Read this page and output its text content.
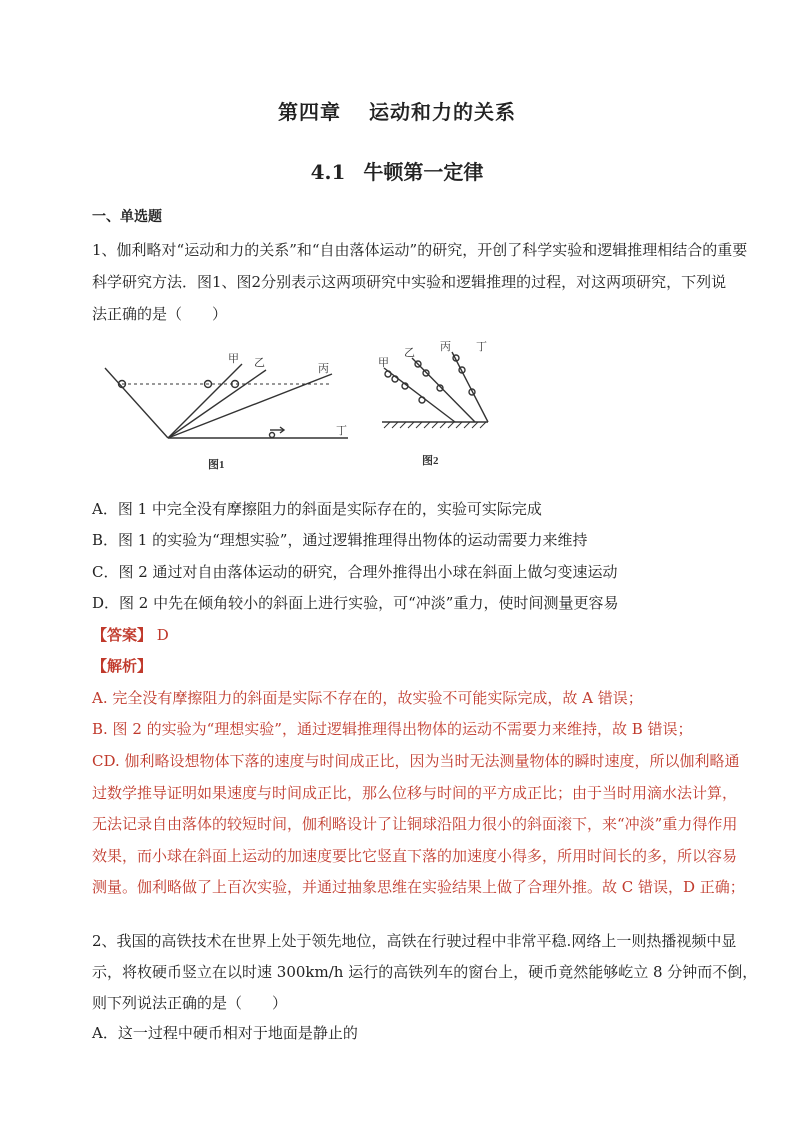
第四章 运动和力的关系
4.1 牛顿第一定律
一、单选题
1、伽利略对“运动和力的关系”和“自由落体运动”的研究，开创了科学实验和逻辑推理相结合的重要
科学研究方法．图1、图2分别表示这两项研究中实验和逻辑推理的过程，对这两项研究，下列说
法正确的是（　　）
甲 乙	丙
丁
图1
甲
乙 丙 丁
图2
A．图 1 中完全没有摩擦阻力的斜面是实际存在的，实验可实际完成
B．图 1 的实验为“理想实验”，通过逻辑推理得出物体的运动需要力来维持
C．图 2 通过对自由落体运动的研究，合理外推得出小球在斜面上做匀变速运动
D．图 2 中先在倾角较小的斜面上进行实验，可“冲淡”重力，使时间测量更容易
【答案】 D
【解析】
A. 完全没有摩擦阻力的斜面是实际不存在的，故实验不可能实际完成，故 A 错误；
B. 图 2 的实验为“理想实验”，通过逻辑推理得出物体的运动不需要力来维持，故 B 错误；
CD. 伽利略设想物体下落的速度与时间成正比，因为当时无法测量物体的瞬时速度，所以伽利略通
过数学推导证明如果速度与时间成正比，那么位移与时间的平方成正比；由于当时用滴水法计算，
无法记录自由落体的较短时间，伽利略设计了让铜球沿阻力很小的斜面滚下，来“冲淡”重力得作用
效果，而小球在斜面上运动的加速度要比它竖直下落的加速度小得多，所用时间长的多，所以容易
测量。伽利略做了上百次实验，并通过抽象思维在实验结果上做了合理外推。故 C 错误，D 正确；
2、我国的高铁技术在世界上处于领先地位，高铁在行驶过程中非常平稳.网络上一则热播视频中显
示，将枚硬币竖立在以时速 300km/h 运行的高铁列车的窗台上，硬币竟然能够屹立 8 分钟而不倒，
则下列说法正确的是（　　）
A．这一过程中硬币相对于地面是静止的
